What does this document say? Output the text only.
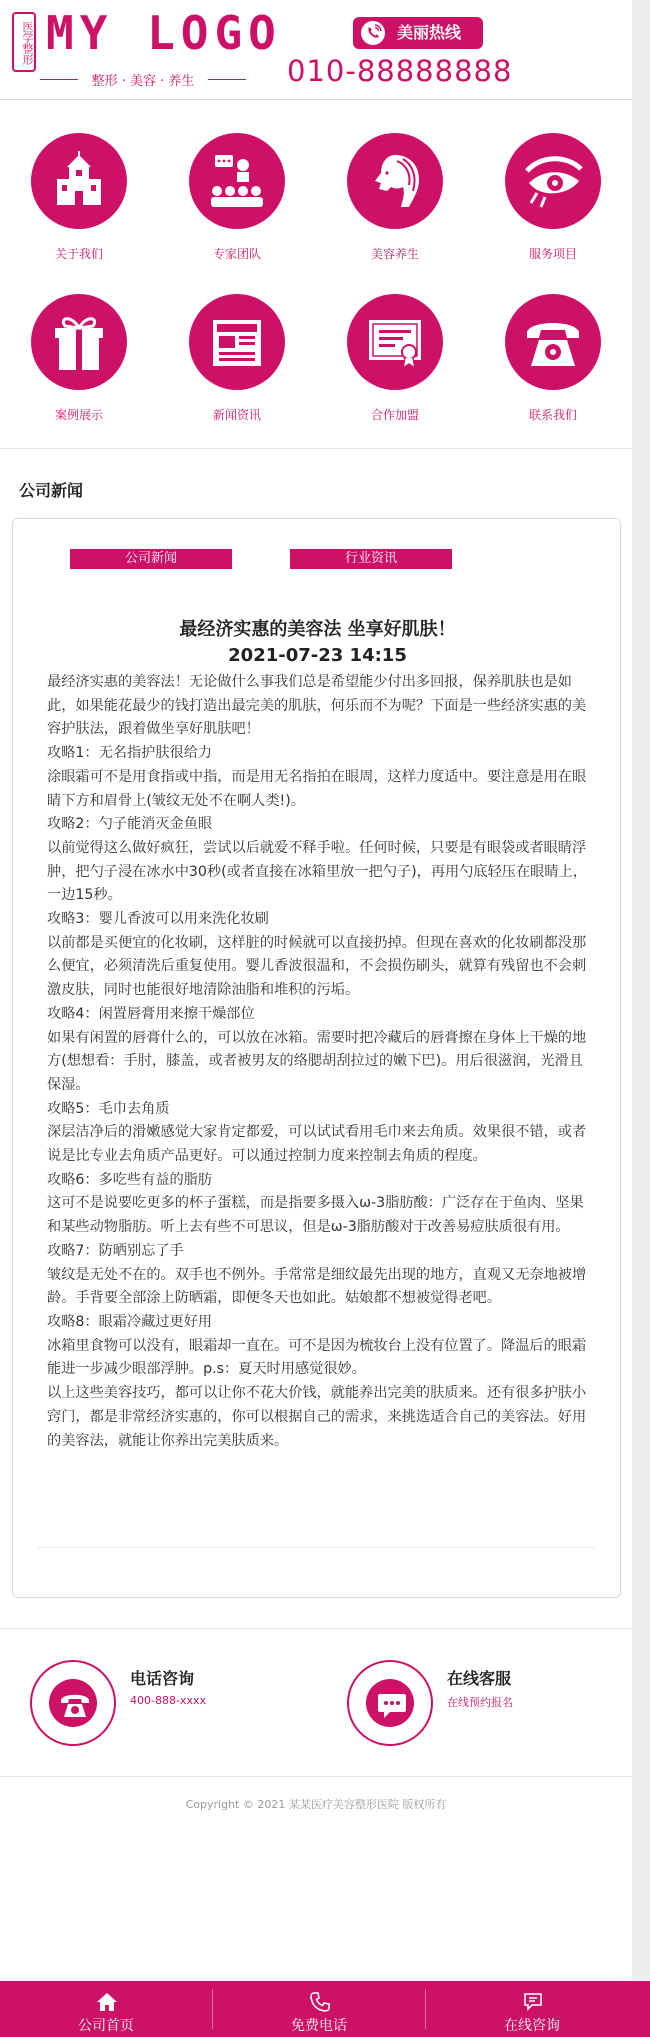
医学整形 MY LOGO
整形 · 美容 · 养生
美丽热线
010-88888888
关于我们	专家团队	美容养生	服务项目
案例展示	新闻资讯	合作加盟	联系我们
公司新闻
公司新闻	行业资讯
最经济实惠的美容法 坐享好肌肤！
2021-07-23 14:15

最经济实惠的美容法！无论做什么事我们总是希望能少付出多回报，保养肌肤也是如此，如果能花最少的钱打造出最完美的肌肤，何乐而不为呢？下面是一些经济实惠的美容护肤法，跟着做坐享好肌肤吧！

攻略1：无名指护肤很给力

涂眼霜可不是用食指或中指，而是用无名指拍在眼周，这样力度适中。要注意是用在眼睛下方和眉骨上(皱纹无处不在啊人类!)。

攻略2：勺子能消灭金鱼眼

以前觉得这么做好疯狂，尝试以后就爱不释手啦。任何时候，只要是有眼袋或者眼睛浮肿，把勺子浸在冰水中30秒(或者直接在冰箱里放一把勺子)，再用勺底轻压在眼睛上，一边15秒。

攻略3：婴儿香波可以用来洗化妆刷

以前都是买便宜的化妆刷，这样脏的时候就可以直接扔掉。但现在喜欢的化妆刷都没那么便宜，必须清洗后重复使用。婴儿香波很温和，不会损伤刷头，就算有残留也不会刺激皮肤，同时也能很好地清除油脂和堆积的污垢。

攻略4：闲置唇膏用来擦干燥部位

如果有闲置的唇膏什么的，可以放在冰箱。需要时把冷藏后的唇膏擦在身体上干燥的地方(想想看：手肘，膝盖，或者被男友的络腮胡刮拉过的嫩下巴)。用后很滋润，光滑且保湿。

攻略5：毛巾去角质

深层洁净后的滑嫩感觉大家肯定都爱，可以试试看用毛巾来去角质。效果很不错，或者说是比专业去角质产品更好。可以通过控制力度来控制去角质的程度。

攻略6：多吃些有益的脂肪

这可不是说要吃更多的杯子蛋糕，而是指要多摄入ω-3脂肪酸：广泛存在于鱼肉、坚果和某些动物脂肪。听上去有些不可思议，但是ω-3脂肪酸对于改善易痘肤质很有用。

攻略7：防晒别忘了手

皱纹是无处不在的。双手也不例外。手常常是细纹最先出现的地方，直观又无奈地被增龄。手背要全部涂上防晒霜，即便冬天也如此。姑娘都不想被觉得老吧。

攻略8：眼霜冷藏过更好用

冰箱里食物可以没有，眼霜却一直在。可不是因为梳妆台上没有位置了。降温后的眼霜能进一步减少眼部浮肿。p.s：夏天时用感觉很妙。

以上这些美容技巧，都可以让你不花大价钱，就能养出完美的肤质来。还有很多护肤小窍门，都是非常经济实惠的，你可以根据自己的需求，来挑选适合自己的美容法。好用的美容法，就能让你养出完美肤质来。

电话咨询
400-888-xxxx
在线客服
在线预约报名
Copyright © 2021 某某医疗美容整形医院 版权所有
公司首页	免费电话	在线咨询
